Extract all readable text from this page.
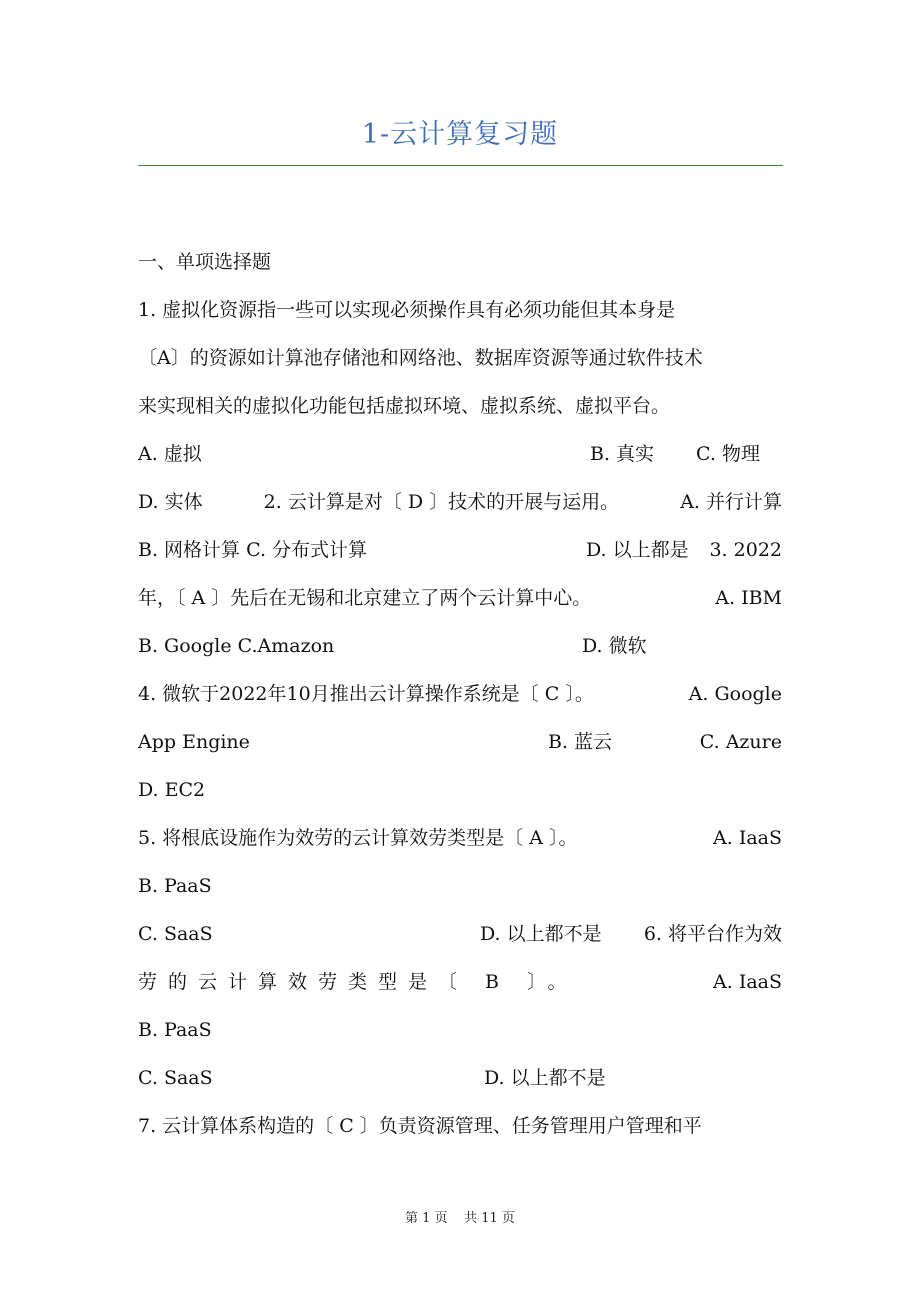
1-云计算复习题
一、单项选择题
1. 虚拟化资源指一些可以实现必须操作具有必须功能但其本身是
〔A〕的资源如计算池存储池和网络池、数据库资源等通过软件技术
来实现相关的虚拟化功能包括虚拟环境、虚拟系统、虚拟平台。
A. 虚拟	B. 真实 C. 物理
D. 实体	2. 云计算是对〔 D 〕技术的开展与运用。	A. 并行计算
B. 网格计算 C. 分布式计算	D. 以上都是 3. 2022
年，〔 A 〕先后在无锡和北京建立了两个云计算中心。	A. IBM
B. Google C.Amazon	D. 微软
4. 微软于2022年10月推出云计算操作系统是〔 C 〕。	A. Google
App Engine	B. 蓝云	C. Azure
D. EC2
5. 将根底设施作为效劳的云计算效劳类型是〔 A 〕。	A. IaaS
B. PaaS
C. SaaS	D. 以上都不是 6. 将平台作为效
劳的云计算效劳类型是〔 B 〕。	A. IaaS
B. PaaS
C. SaaS	D. 以上都不是
7. 云计算体系构造的〔 C 〕负责资源管理、任务管理用户管理和平
第 1 页 共 11 页
